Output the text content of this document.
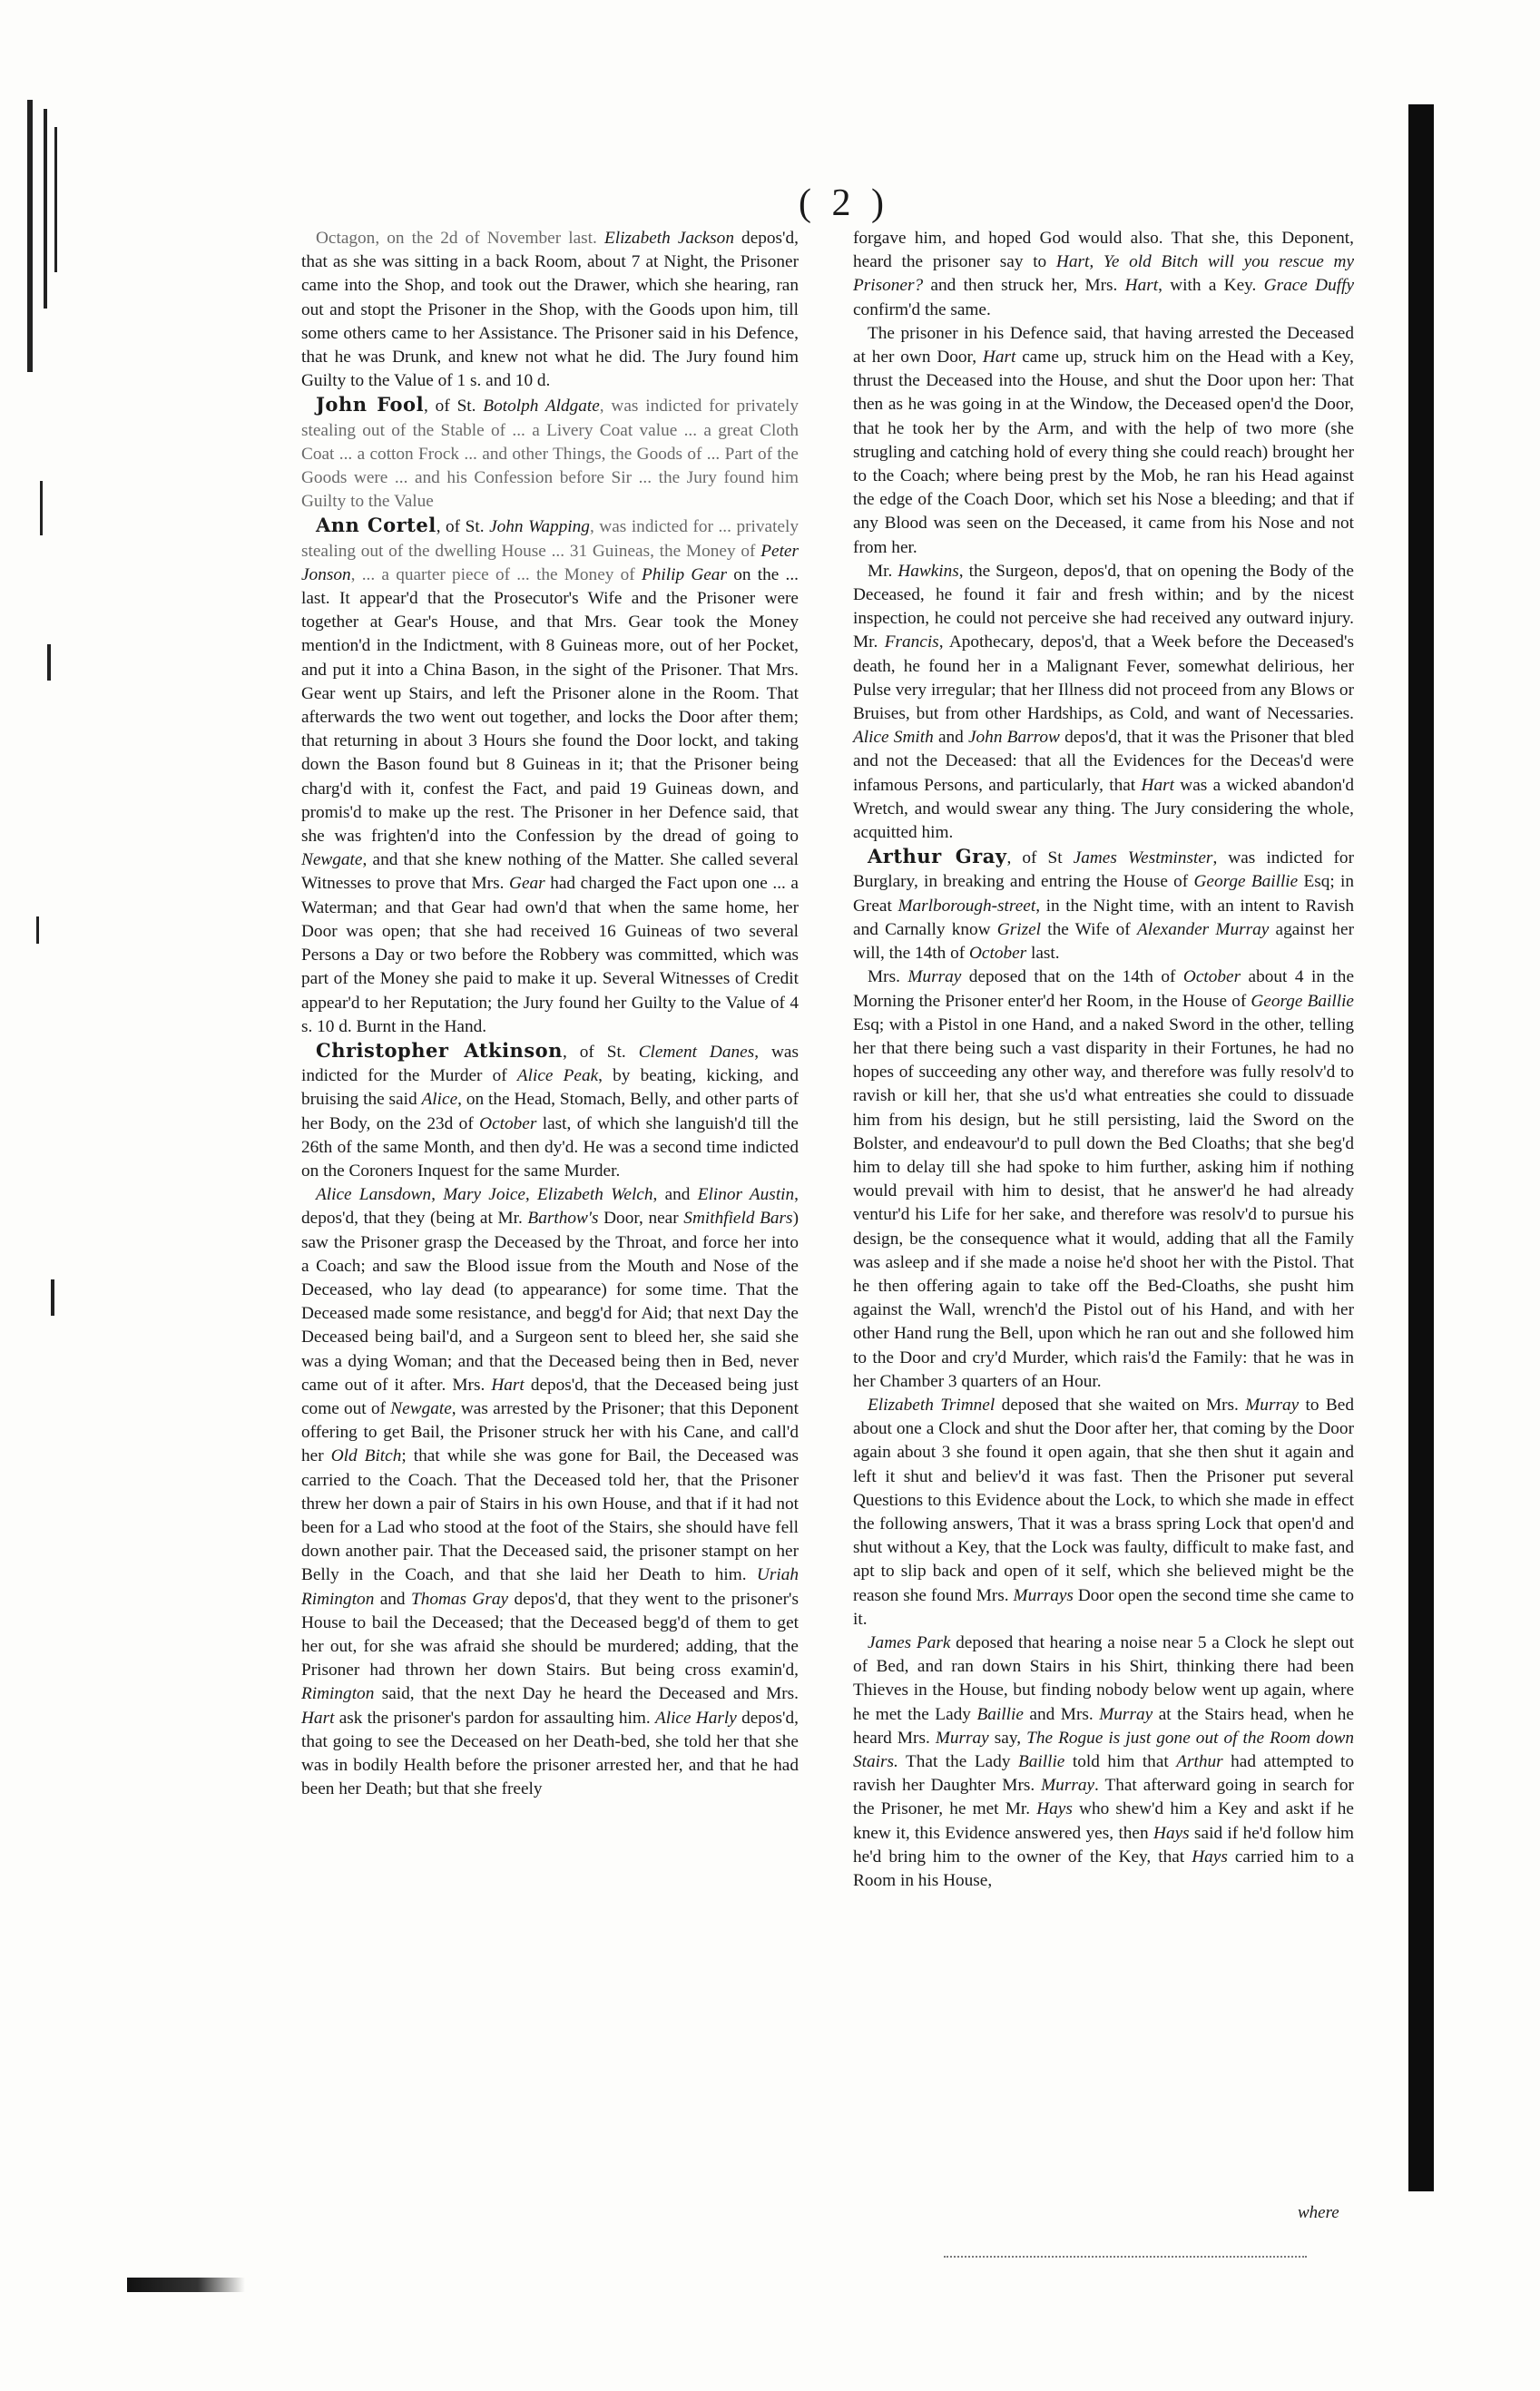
( 2 )

Octagon, on the 2d of November last. Elizabeth Jackson depos'd, that as she was sitting in a back Room, about 7 at Night, the Prisoner came into the Shop, and took out the Drawer, which she hearing, ran out and stopt the Prisoner in the Shop, with the Goods upon him, till some others came to her Assistance. The Prisoner said in his Defence, that he was Drunk, and knew not what he did. The Jury found him Guilty to the Value of 1 s. and 10 d.

John Fool, of St. Botolph Aldgate, was indicted for privately stealing out of the Stable of ... a Livery Coat value ... a great Cloth Coat ... a cotton Frock ... and other Things, the Goods of ... Part of the Goods were ... and his Confession before Sir ... the Jury found him Guilty to the Value

Ann Cortel, of St. John Wapping, was indicted for ... privately stealing out of the dwelling House ... 31 Guineas, the Money of Peter Jonson, ... a quarter piece of ... the Money of Philip Gear on the ... last. It appear'd that the Prosecutor's Wife and the Prisoner were together at Gear's House, and that Mrs. Gear took the Money mention'd in the Indictment, with 8 Guineas more, out of her Pocket, and put it into a China Bason, in the sight of the Prisoner. That Mrs. Gear went up Stairs, and left the Prisoner alone in the Room. That afterwards the two went out together, and locks the Door after them; that returning in about 3 Hours she found the Door lockt, and taking down the Bason found but 8 Guineas in it; that the Prisoner being charg'd with it, confest the Fact, and paid 19 Guineas down, and promis'd to make up the rest. The Prisoner in her Defence said, that she was frighten'd into the Confession by the dread of going to Newgate, and that she knew nothing of the Matter. She called several Witnesses to prove that Mrs. Gear had charged the Fact upon one ... a Waterman; and that Gear had own'd that when the same home, her Door was open; that she had received 16 Guineas of two several Persons a Day or two before the Robbery was committed, which was part of the Money she paid to make it up. Several Witnesses of Credit appear'd to her Reputation; the Jury found her Guilty to the Value of 4 s. 10 d. Burnt in the Hand.

Christopher Atkinson, of St. Clement Danes, was indicted for the Murder of Alice Peak, by beating, kicking, and bruising the said Alice, on the Head, Stomach, Belly, and other parts of her Body, on the 23d of October last, of which she languish'd till the 26th of the same Month, and then dy'd. He was a second time indicted on the Coroners Inquest for the same Murder.

Alice Lansdown, Mary Joice, Elizabeth Welch, and Elinor Austin, depos'd, that they (being at Mr. Barthow's Door, near Smithfield Bars) saw the Prisoner grasp the Deceased by the Throat, and force her into a Coach; and saw the Blood issue from the Mouth and Nose of the Deceased, who lay dead (to appearance) for some time. That the Deceased made some resistance, and begg'd for Aid; that next Day the Deceased being bail'd, and a Surgeon sent to bleed her, she said she was a dying Woman; and that the Deceased being then in Bed, never came out of it after. Mrs. Hart depos'd, that the Deceased being just come out of Newgate, was arrested by the Prisoner; that this Deponent offering to get Bail, the Prisoner struck her with his Cane, and call'd her Old Bitch; that while she was gone for Bail, the Deceased was carried to the Coach. That the Deceased told her, that the Prisoner threw her down a pair of Stairs in his own House, and that if it had not been for a Lad who stood at the foot of the Stairs, she should have fell down another pair. That the Deceased said, the prisoner stampt on her Belly in the Coach, and that she laid her Death to him. Uriah Rimington and Thomas Gray depos'd, that they went to the prisoner's House to bail the Deceased; that the Deceased begg'd of them to get her out, for she was afraid she should be murdered; adding, that the Prisoner had thrown her down Stairs. But being cross examin'd, Rimington said, that the next Day he heard the Deceased and Mrs. Hart ask the prisoner's pardon for assaulting him. Alice Harly depos'd, that going to see the Deceased on her Death-bed, she told her that she was in bodily Health before the prisoner arrested her, and that he had been her Death; but that she freely

forgave him, and hoped God would also. That she, this Deponent, heard the prisoner say to Hart, Ye old Bitch will you rescue my Prisoner? and then struck her, Mrs. Hart, with a Key. Grace Duffy confirm'd the same.

The prisoner in his Defence said, that having arrested the Deceased at her own Door, Hart came up, struck him on the Head with a Key, thrust the Deceased into the House, and shut the Door upon her: That then as he was going in at the Window, the Deceased open'd the Door, that he took her by the Arm, and with the help of two more (she strugling and catching hold of every thing she could reach) brought her to the Coach; where being prest by the Mob, he ran his Head against the edge of the Coach Door, which set his Nose a bleeding; and that if any Blood was seen on the Deceased, it came from his Nose and not from her.

Mr. Hawkins, the Surgeon, depos'd, that on opening the Body of the Deceased, he found it fair and fresh within; and by the nicest inspection, he could not perceive she had received any outward injury. Mr. Francis, Apothecary, depos'd, that a Week before the Deceased's death, he found her in a Malignant Fever, somewhat delirious, her Pulse very irregular; that her Illness did not proceed from any Blows or Bruises, but from other Hardships, as Cold, and want of Necessaries. Alice Smith and John Barrow depos'd, that it was the Prisoner that bled and not the Deceased: that all the Evidences for the Deceas'd were infamous Persons, and particularly, that Hart was a wicked abandon'd Wretch, and would swear any thing. The Jury considering the whole, acquitted him.

Arthur Gray, of St James Westminster, was indicted for Burglary, in breaking and entring the House of George Baillie Esq; in Great Marlborough-street, in the Night time, with an intent to Ravish and Carnally know Grizel the Wife of Alexander Murray against her will, the 14th of October last.

Mrs. Murray deposed that on the 14th of October about 4 in the Morning the Prisoner enter'd her Room, in the House of George Baillie Esq; with a Pistol in one Hand, and a naked Sword in the other, telling her that there being such a vast disparity in their Fortunes, he had no hopes of succeeding any other way, and therefore was fully resolv'd to ravish or kill her, that she us'd what entreaties she could to dissuade him from his design, but he still persisting, laid the Sword on the Bolster, and endeavour'd to pull down the Bed Cloaths; that she beg'd him to delay till she had spoke to him further, asking him if nothing would prevail with him to desist, that he answer'd he had already ventur'd his Life for her sake, and therefore was resolv'd to pursue his design, be the consequence what it would, adding that all the Family was asleep and if she made a noise he'd shoot her with the Pistol. That he then offering again to take off the Bed-Cloaths, she pusht him against the Wall, wrench'd the Pistol out of his Hand, and with her other Hand rung the Bell, upon which he ran out and she followed him to the Door and cry'd Murder, which rais'd the Family: that he was in her Chamber 3 quarters of an Hour.

Elizabeth Trimnel deposed that she waited on Mrs. Murray to Bed about one a Clock and shut the Door after her, that coming by the Door again about 3 she found it open again, that she then shut it again and left it shut and believ'd it was fast. Then the Prisoner put several Questions to this Evidence about the Lock, to which she made in effect the following answers, That it was a brass spring Lock that open'd and shut without a Key, that the Lock was faulty, difficult to make fast, and apt to slip back and open of it self, which she believed might be the reason she found Mrs. Murrays Door open the second time she came to it.

James Park deposed that hearing a noise near 5 a Clock he slept out of Bed, and ran down Stairs in his Shirt, thinking there had been Thieves in the House, but finding nobody below went up again, where he met the Lady Baillie and Mrs. Murray at the Stairs head, when he heard Mrs. Murray say, The Rogue is just gone out of the Room down Stairs. That the Lady Baillie told him that Arthur had attempted to ravish her Daughter Mrs. Murray. That afterward going in search for the Prisoner, he met Mr. Hays who shew'd him a Key and askt if he knew it, this Evidence answered yes, then Hays said if he'd follow him he'd bring him to the owner of the Key, that Hays carried him to a Room in his House,

where
